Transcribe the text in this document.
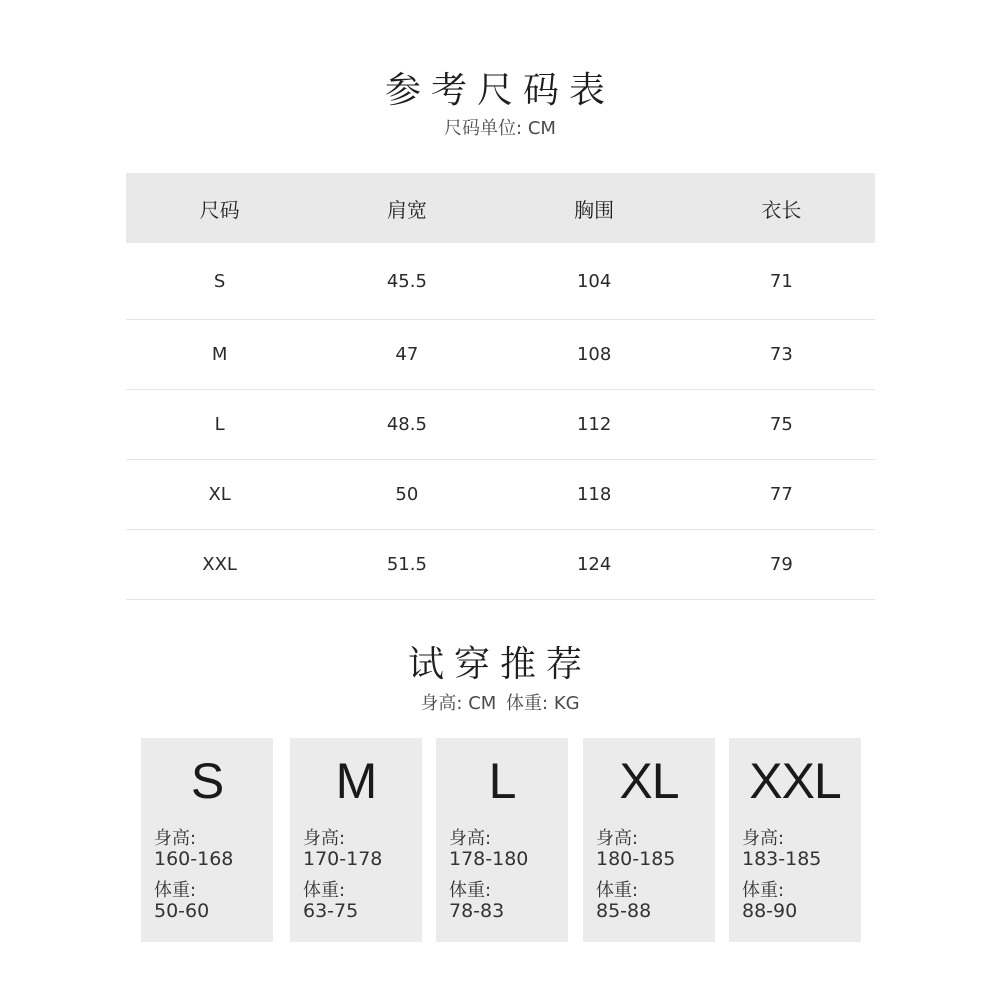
参考尺码表
尺码单位: CM
尺码	肩宽	胸围	衣长
S	45.5	104	71
M	47	108	73
L	48.5	112	75
XL	50	118	77
XXL	51.5	124	79
试穿推荐
身高: CM 体重: KG
S
身高:
160-168
体重:
50-60
M
身高:
170-178
体重:
63-75
L
身高:
178-180
体重:
78-83
XL
身高:
180-185
体重:
85-88
XXL
身高:
183-185
体重:
88-90
